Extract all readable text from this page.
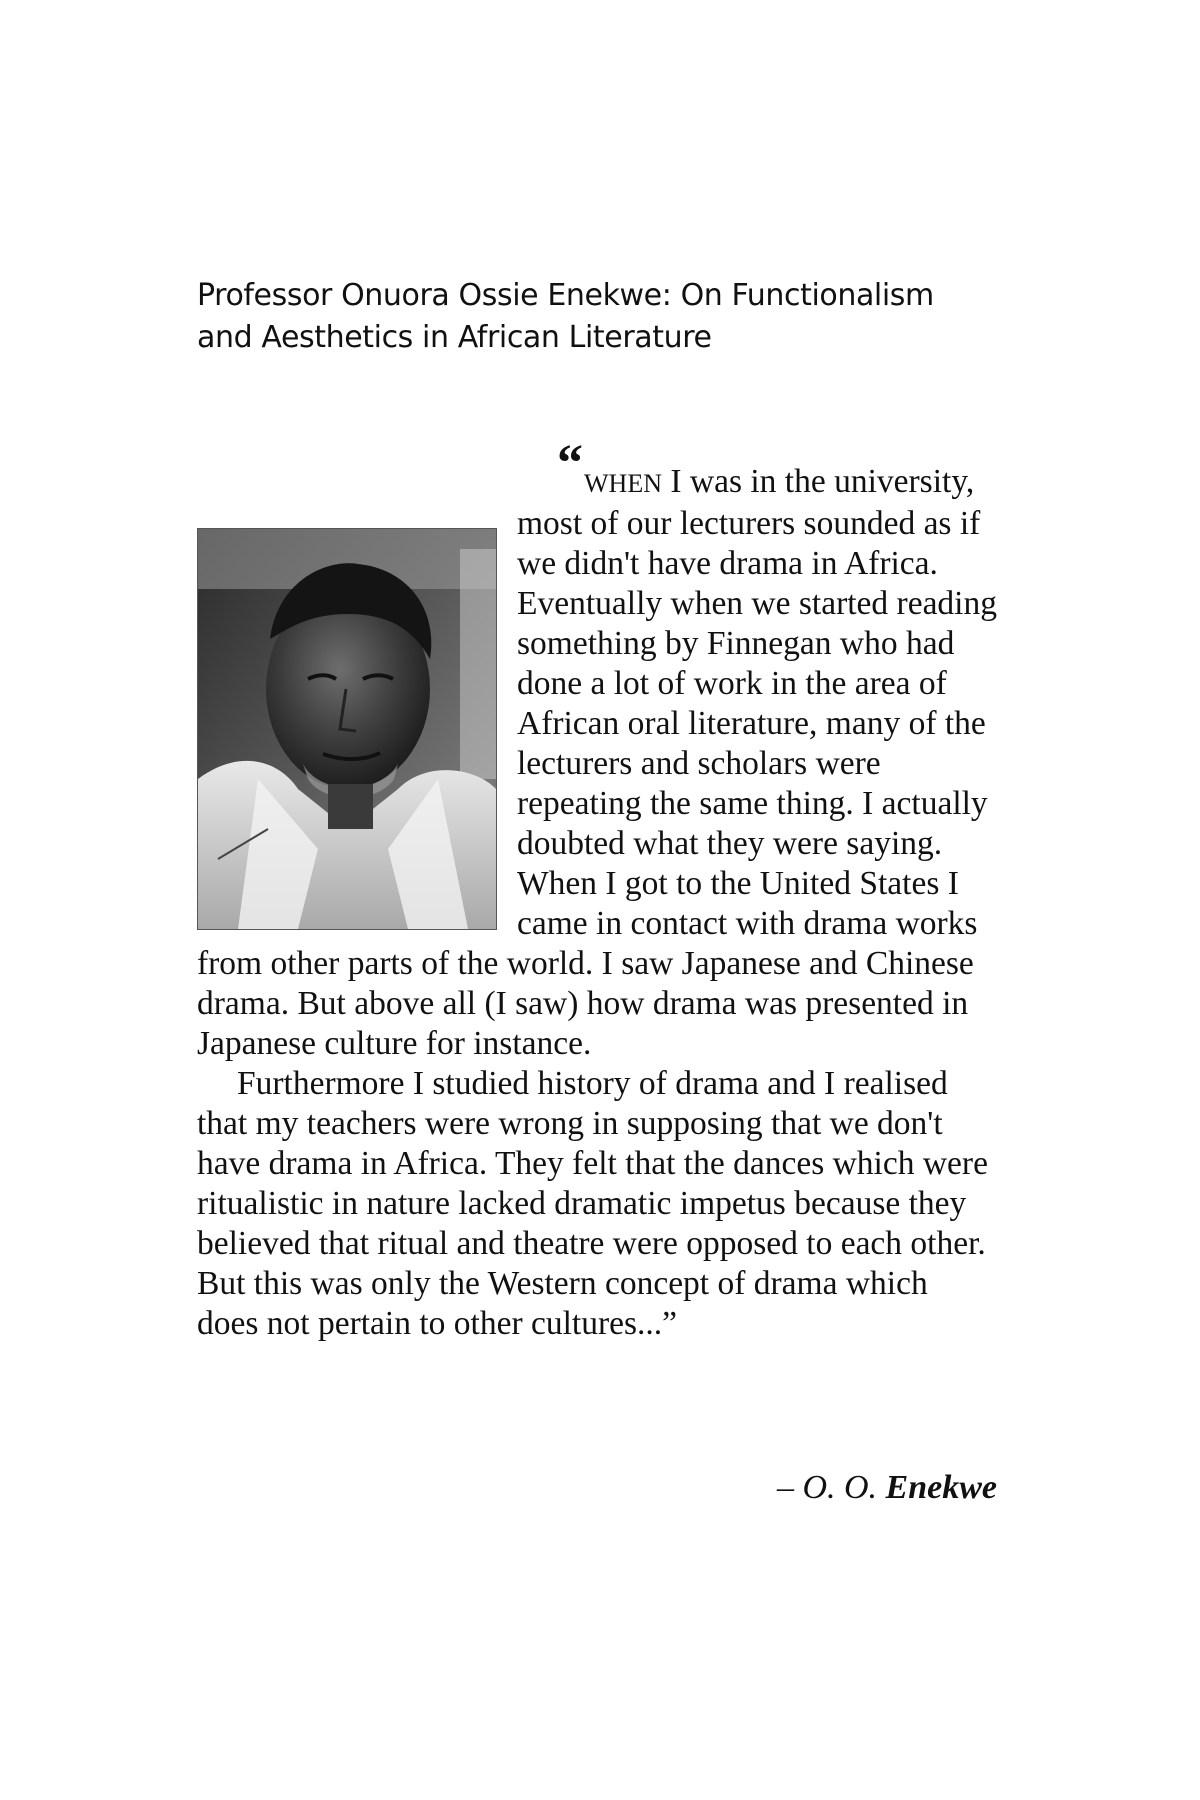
Professor Onuora Ossie Enekwe: On Functionalism and Aesthetics in African Literature

“WHEN I was in the university, most of our lecturers sounded as if we didn't have drama in Africa. Eventually when we started reading something by Finnegan who had done a lot of work in the area of African oral literature, many of the lecturers and scholars were repeating the same thing. I actually doubted what they were saying. When I got to the United States I came in contact with drama works from other parts of the world. I saw Japanese and Chinese drama. But above all (I saw) how drama was presented in Japanese culture for instance.

Furthermore I studied history of drama and I realised that my teachers were wrong in supposing that we don't have drama in Africa. They felt that the dances which were ritualistic in nature lacked dramatic impetus because they believed that ritual and theatre were opposed to each other. But this was only the Western concept of drama which does not pertain to other cultures...”

– O. O. Enekwe
